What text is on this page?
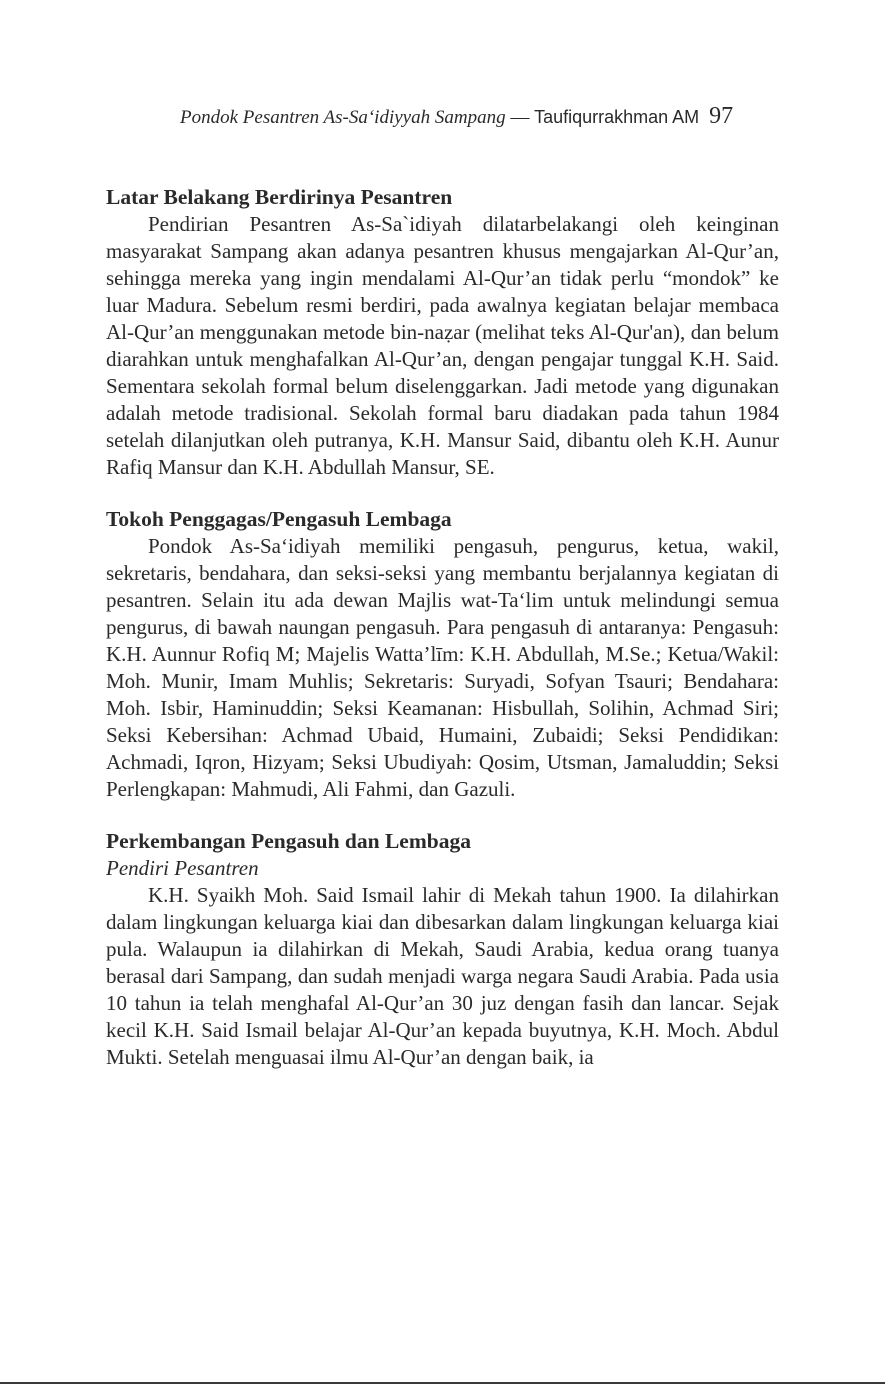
Pondok Pesantren As-Sa‘idiyyah Sampang — Taufiqurrakhman AM 97
Latar Belakang Berdirinya Pesantren

Pendirian Pesantren As-Sa`idiyah dilatarbelakangi oleh keinginan masyarakat Sampang akan adanya pesantren khusus mengajarkan Al-Qur’an, sehingga mereka yang ingin mendalami Al-Qur’an tidak perlu “mondok” ke luar Madura. Sebelum resmi berdiri, pada awalnya kegiatan belajar membaca Al-Qur’an menggunakan metode bin-naẓar (melihat teks Al-Qur'an), dan belum diarahkan untuk menghafalkan Al-Qur’an, dengan pengajar tunggal K.H. Said. Sementara sekolah formal belum diselenggarkan. Jadi metode yang digunakan adalah metode tradisional. Sekolah formal baru diadakan pada tahun 1984 setelah dilanjutkan oleh putranya, K.H. Mansur Said, dibantu oleh K.H. Aunur Rafiq Mansur dan K.H. Abdullah Mansur, SE.

Tokoh Penggagas/Pengasuh Lembaga

Pondok As-Sa‘idiyah memiliki pengasuh, pengurus, ketua, wakil, sekretaris, bendahara, dan seksi-seksi yang membantu berjalannya kegiatan di pesantren. Selain itu ada dewan Majlis wat-Ta‘lim untuk melindungi semua pengurus, di bawah naungan pengasuh. Para pengasuh di antaranya: Pengasuh: K.H. Aunnur Rofiq M; Majelis Watta’līm: K.H. Abdullah, M.Se.; Ketua/Wakil: Moh. Munir, Imam Muhlis; Sekretaris: Suryadi, Sofyan Tsauri; Bendahara: Moh. Isbir, Haminuddin; Seksi Keamanan: Hisbullah, Solihin, Achmad Siri; Seksi Kebersihan: Achmad Ubaid, Humaini, Zubaidi; Seksi Pendidikan: Achmadi, Iqron, Hizyam; Seksi Ubudiyah: Qosim, Utsman, Jamaluddin; Seksi Perlengkapan: Mahmudi, Ali Fahmi, dan Gazuli.

Perkembangan Pengasuh dan Lembaga

Pendiri Pesantren

K.H. Syaikh Moh. Said Ismail lahir di Mekah tahun 1900. Ia dilahirkan dalam lingkungan keluarga kiai dan dibesarkan dalam lingkungan keluarga kiai pula. Walaupun ia dilahirkan di Mekah, Saudi Arabia, kedua orang tuanya berasal dari Sampang, dan sudah menjadi warga negara Saudi Arabia. Pada usia 10 tahun ia telah menghafal Al-Qur’an 30 juz dengan fasih dan lancar. Sejak kecil K.H. Said Ismail belajar Al-Qur’an kepada buyutnya, K.H. Moch. Abdul Mukti. Setelah menguasai ilmu Al-Qur’an dengan baik, ia
